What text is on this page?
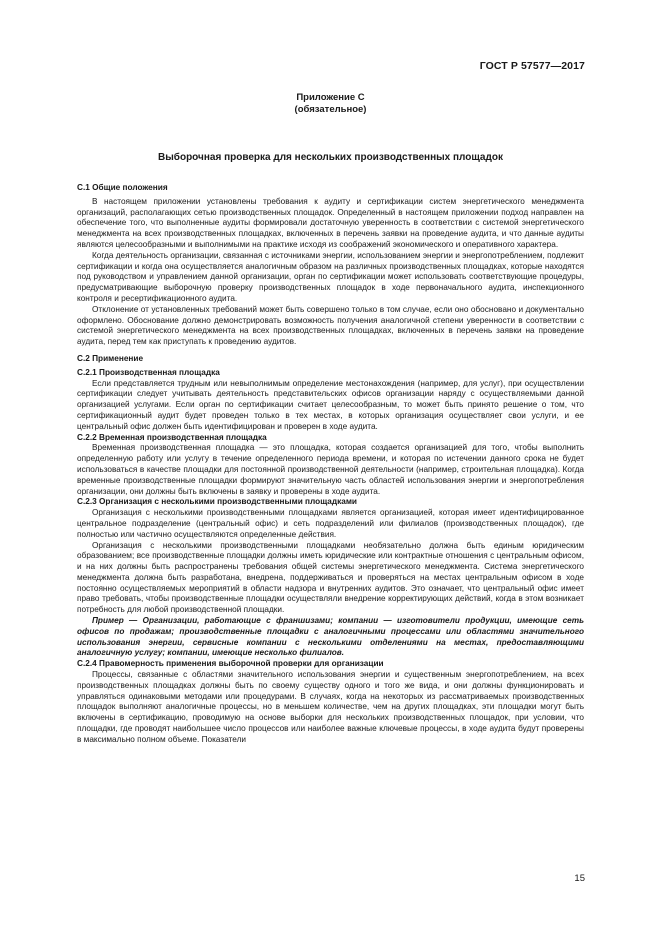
ГОСТ Р 57577—2017
Приложение С
(обязательное)
Выборочная проверка для нескольких производственных площадок

С.1 Общие положения

В настоящем приложении установлены требования к аудиту и сертификации систем энергетического менеджмента организаций, располагающих сетью производственных площадок. Определенный в настоящем приложении подход направлен на обеспечение того, что выполненные аудиты формировали достаточную уверенность в соответствии с системой энергетического менеджмента на всех производственных площадках, включенных в перечень заявки на проведение аудита, и что данные аудиты являются целесообразными и выполнимыми на практике исходя из соображений экономического и оперативного характера.

Когда деятельность организации, связанная с источниками энергии, использованием энергии и энергопотреблением, подлежит сертификации и когда она осуществляется аналогичным образом на различных производственных площадках, которые находятся под руководством и управлением данной организации, орган по сертификации может использовать соответствующие процедуры, предусматривающие выборочную проверку производственных площадок в ходе первоначального аудита, инспекционного контроля и ресертификационного аудита.

Отклонение от установленных требований может быть совершено только в том случае, если оно обосновано и документально оформлено. Обоснование должно демонстрировать возможность получения аналогичной степени уверенности в соответствии с системой энергетического менеджмента на всех производственных площадках, включенных в перечень заявки на проведение аудита, перед тем как приступать к проведению аудитов.

С.2 Применение

С.2.1 Производственная площадка

Если представляется трудным или невыполнимым определение местонахождения (например, для услуг), при осуществлении сертификации следует учитывать деятельность представительских офисов организации наряду с осуществляемыми данной организацией услугами. Если орган по сертификации считает целесообразным, то может быть принято решение о том, что сертификационный аудит будет проведен только в тех местах, в которых организация осуществляет свои услуги, и ее центральный офис должен быть идентифицирован и проверен в ходе аудита.

С.2.2 Временная производственная площадка

Временная производственная площадка — это площадка, которая создается организацией для того, чтобы выполнить определенную работу или услугу в течение определенного периода времени, и которая по истечении данного срока не будет использоваться в качестве площадки для постоянной производственной деятельности (например, строительная площадка). Когда временные производственные площадки формируют значительную часть областей использования энергии и энергопотребления организации, они должны быть включены в заявку и проверены в ходе аудита.

С.2.3 Организация с несколькими производственными площадками

Организация с несколькими производственными площадками является организацией, которая имеет идентифицированное центральное подразделение (центральный офис) и сеть подразделений или филиалов (производственных площадок), где полностью или частично осуществляются определенные действия.

Организация с несколькими производственными площадками необязательно должна быть единым юридическим образованием; все производственные площадки должны иметь юридические или контрактные отношения с центральным офисом, и на них должны быть распространены требования общей системы энергетического менеджмента. Система энергетического менеджмента должна быть разработана, внедрена, поддерживаться и проверяться на местах центральным офисом в ходе постоянно осуществляемых мероприятий в области надзора и внутренних аудитов. Это означает, что центральный офис имеет право требовать, чтобы производственные площадки осуществляли внедрение корректирующих действий, когда в этом возникает потребность для любой производственной площадки.

Пример — Организации, работающие с франшизами; компании — изготовители продукции, имеющие сеть офисов по продажам; производственные площадки с аналогичными процессами или областями значительного использования энергии, сервисные компании с несколькими отделениями на местах, предоставляющими аналогичную услугу; компании, имеющие несколько филиалов.

С.2.4 Правомерность применения выборочной проверки для организации

Процессы, связанные с областями значительного использования энергии и существенным энергопотреблением, на всех производственных площадках должны быть по своему существу одного и того же вида, и они должны функционировать и управляться одинаковыми методами или процедурами. В случаях, когда на некоторых из рассматриваемых производственных площадок выполняют аналогичные процессы, но в меньшем количестве, чем на других площадках, эти площадки могут быть включены в сертификацию, проводимую на основе выборки для нескольких производственных площадок, при условии, что площадки, где проводят наибольшее число процессов или наиболее важные ключевые процессы, в ходе аудита будут проверены в максимально полном объеме. Показатели

15
